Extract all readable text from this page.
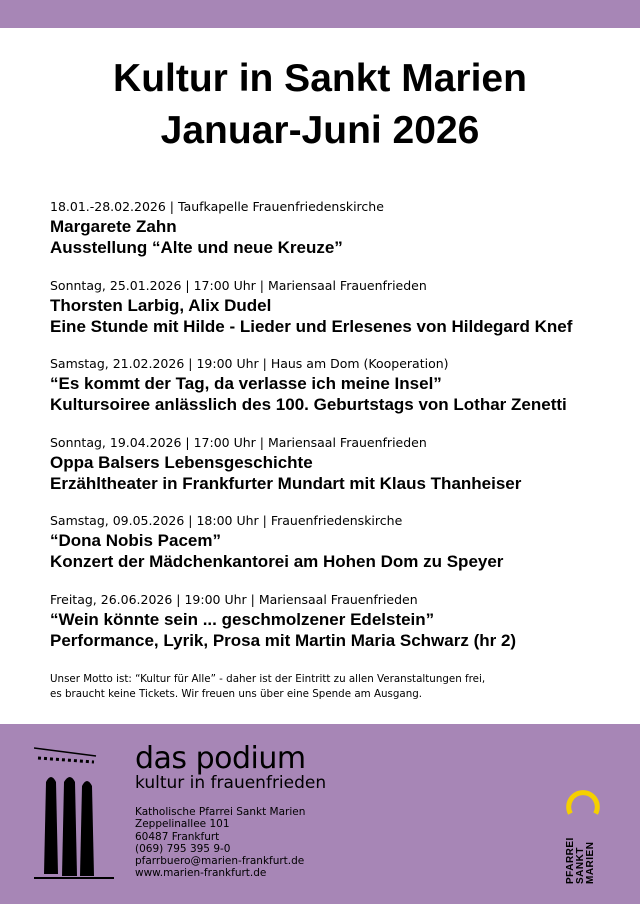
Kultur in Sankt Marien
Januar-Juni 2026
18.01.-28.02.2026 | Taufkapelle Frauenfriedenskirche
Margarete Zahn
Ausstellung “Alte und neue Kreuze”
Sonntag, 25.01.2026 | 17:00 Uhr | Mariensaal Frauenfrieden
Thorsten Larbig, Alix Dudel
Eine Stunde mit Hilde - Lieder und Erlesenes von Hildegard Knef
Samstag, 21.02.2026 | 19:00 Uhr | Haus am Dom (Kooperation)
“Es kommt der Tag, da verlasse ich meine Insel”
Kultursoiree anlässlich des 100. Geburtstags von Lothar Zenetti
Sonntag, 19.04.2026 | 17:00 Uhr | Mariensaal Frauenfrieden
Oppa Balsers Lebensgeschichte
Erzähltheater in Frankfurter Mundart mit Klaus Thanheiser
Samstag, 09.05.2026 | 18:00 Uhr | Frauenfriedenskirche
“Dona Nobis Pacem”
Konzert der Mädchenkantorei am Hohen Dom zu Speyer
Freitag, 26.06.2026 | 19:00 Uhr | Mariensaal Frauenfrieden
“Wein könnte sein ... geschmolzener Edelstein”
Performance, Lyrik, Prosa mit Martin Maria Schwarz (hr 2)
Unser Motto ist: “Kultur für Alle” - daher ist der Eintritt zu allen Veranstaltungen frei,
es braucht keine Tickets. Wir freuen uns über eine Spende am Ausgang.
das podium
kultur in frauenfrieden
Katholische Pfarrei Sankt Marien
Zeppelinallee 101
60487 Frankfurt
(069) 795 395 9-0
pfarrbuero@marien-frankfurt.de
www.marien-frankfurt.de	PFARREI SANKT MARIEN
